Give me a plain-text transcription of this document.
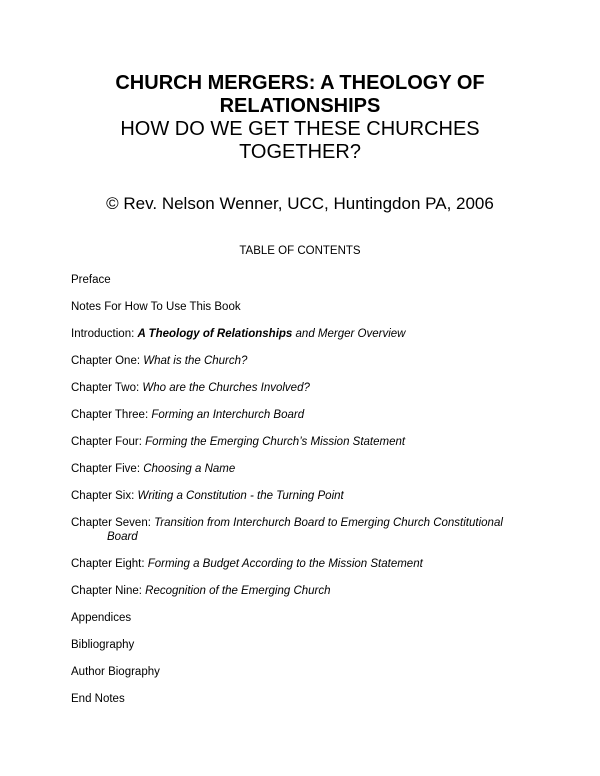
CHURCH MERGERS: A THEOLOGY OF

RELATIONSHIPS

HOW DO WE GET THESE CHURCHES

TOGETHER?

© Rev. Nelson Wenner, UCC, Huntingdon PA, 2006
TABLE OF CONTENTS
Preface
Notes For How To Use This Book
Introduction: A Theology of Relationships and Merger Overview
Chapter One: What is the Church?
Chapter Two: Who are the Churches Involved?
Chapter Three: Forming an Interchurch Board
Chapter Four: Forming the Emerging Church’s Mission Statement
Chapter Five: Choosing a Name
Chapter Six: Writing a Constitution - the Turning Point
Chapter Seven: Transition from Interchurch Board to Emerging Church Constitutional
Board
Chapter Eight: Forming a Budget According to the Mission Statement
Chapter Nine: Recognition of the Emerging Church
Appendices
Bibliography
Author Biography
End Notes
